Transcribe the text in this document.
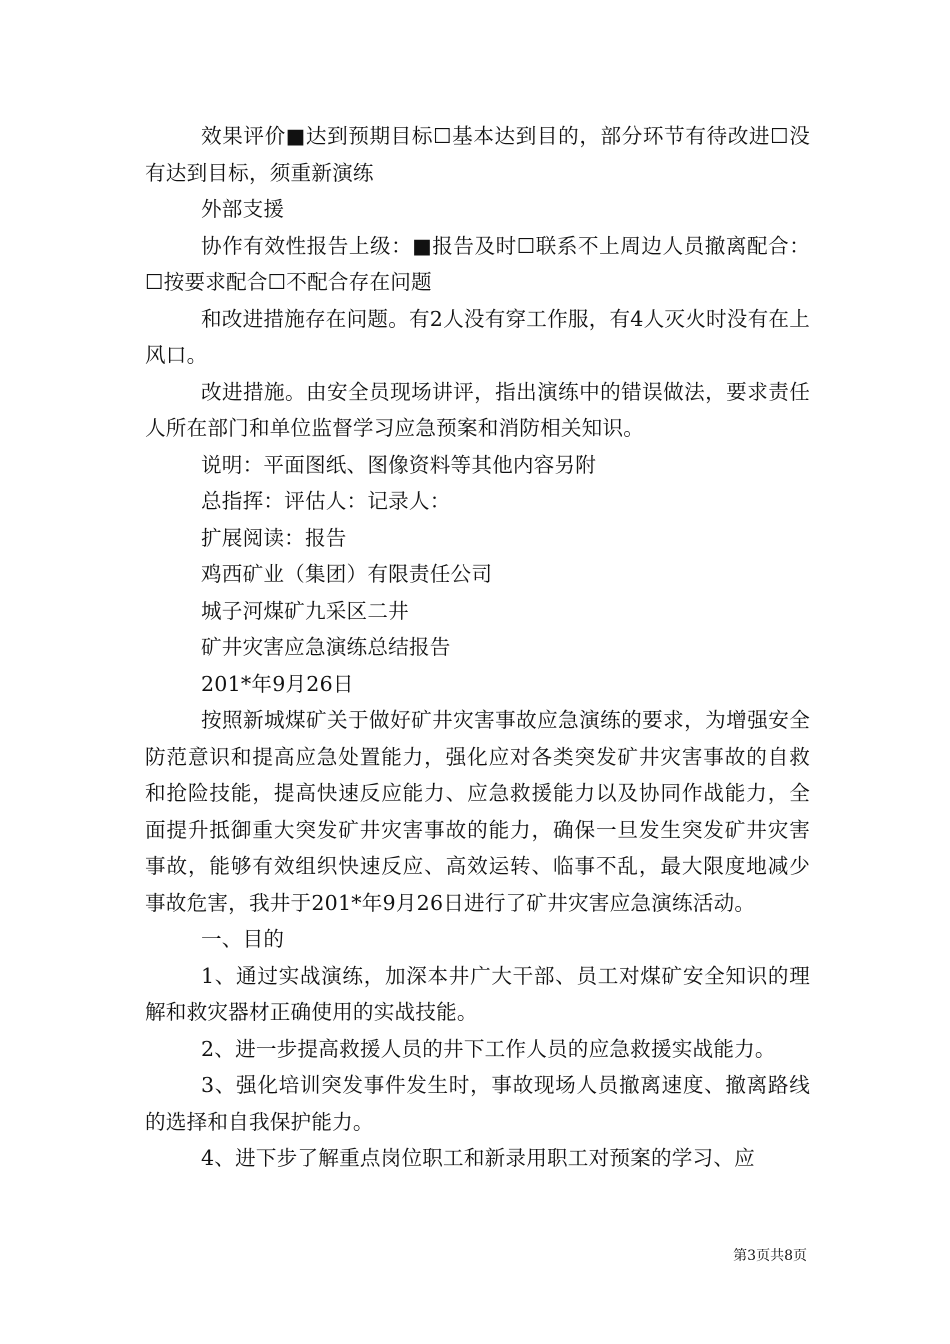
效果评价■达到预期目标☐基本达到目的，部分环节有待改进☐没有达到目标，须重新演练

外部支援

协作有效性报告上级：■报告及时☐联系不上周边人员撤离配合：☐按要求配合☐不配合存在问题

和改进措施存在问题。有2人没有穿工作服，有4人灭火时没有在上风口。

改进措施。由安全员现场讲评，指出演练中的错误做法，要求责任人所在部门和单位监督学习应急预案和消防相关知识。

说明：平面图纸、图像资料等其他内容另附

总指挥：评估人：记录人：

扩展阅读：报告

鸡西矿业（集团）有限责任公司

城子河煤矿九采区二井

矿井灾害应急演练总结报告

201*年9月26日

按照新城煤矿关于做好矿井灾害事故应急演练的要求，为增强安全防范意识和提高应急处置能力，强化应对各类突发矿井灾害事故的自救和抢险技能，提高快速反应能力、应急救援能力以及协同作战能力，全面提升抵御重大突发矿井灾害事故的能力，确保一旦发生突发矿井灾害事故，能够有效组织快速反应、高效运转、临事不乱，最大限度地减少事故危害，我井于201*年9月26日进行了矿井灾害应急演练活动。

一、目的

1、通过实战演练，加深本井广大干部、员工对煤矿安全知识的理解和救灾器材正确使用的实战技能。

2、进一步提高救援人员的井下工作人员的应急救援实战能力。

3、强化培训突发事件发生时，事故现场人员撤离速度、撤离路线的选择和自我保护能力。

4、进下步了解重点岗位职工和新录用职工对预案的学习、应

第3页共8页
